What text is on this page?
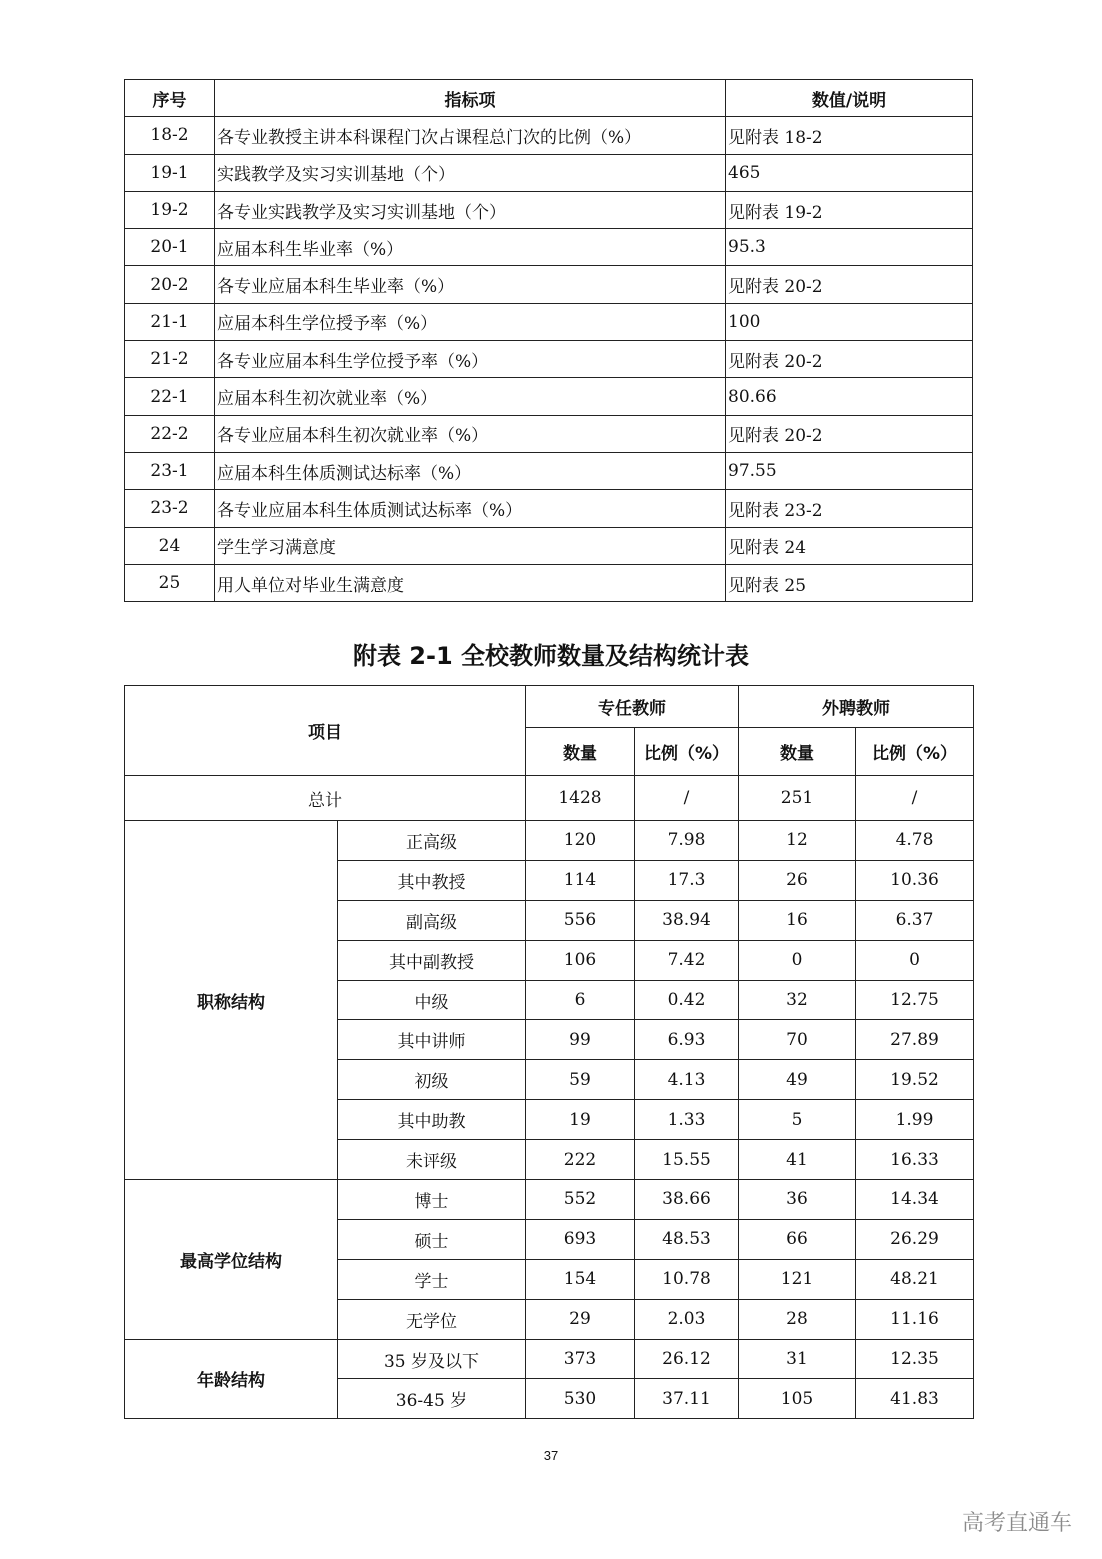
序号	指标项	数值/说明
18-2	各专业教授主讲本科课程门次占课程总门次的比例（%）	见附表 18-2
19-1	实践教学及实习实训基地（个）	465
19-2	各专业实践教学及实习实训基地（个）	见附表 19-2
20-1	应届本科生毕业率（%）	95.3
20-2	各专业应届本科生毕业率（%）	见附表 20-2
21-1	应届本科生学位授予率（%）	100
21-2	各专业应届本科生学位授予率（%）	见附表 20-2
22-1	应届本科生初次就业率（%）	80.66
22-2	各专业应届本科生初次就业率（%）	见附表 20-2
23-1	应届本科生体质测试达标率（%）	97.55
23-2	各专业应届本科生体质测试达标率（%）	见附表 23-2
24	学生学习满意度	见附表 24
25	用人单位对毕业生满意度	见附表 25
附表 2-1 全校教师数量及结构统计表
项目		专任教师		外聘教师	
		数量	比例（%）	数量	比例（%）
总计		1428	/	251	/
职称结构	正高级	120	7.98	12	4.78
	其中教授	114	17.3	26	10.36
	副高级	556	38.94	16	6.37
	其中副教授	106	7.42	0	0
	中级	6	0.42	32	12.75
	其中讲师	99	6.93	70	27.89
	初级	59	4.13	49	19.52
	其中助教	19	1.33	5	1.99
	未评级	222	15.55	41	16.33
最高学位结构	博士	552	38.66	36	14.34
	硕士	693	48.53	66	26.29
	学士	154	10.78	121	48.21
	无学位	29	2.03	28	11.16
年龄结构	35 岁及以下	373	26.12	31	12.35
	36-45 岁	530	37.11	105	41.83
37
高考直通车
